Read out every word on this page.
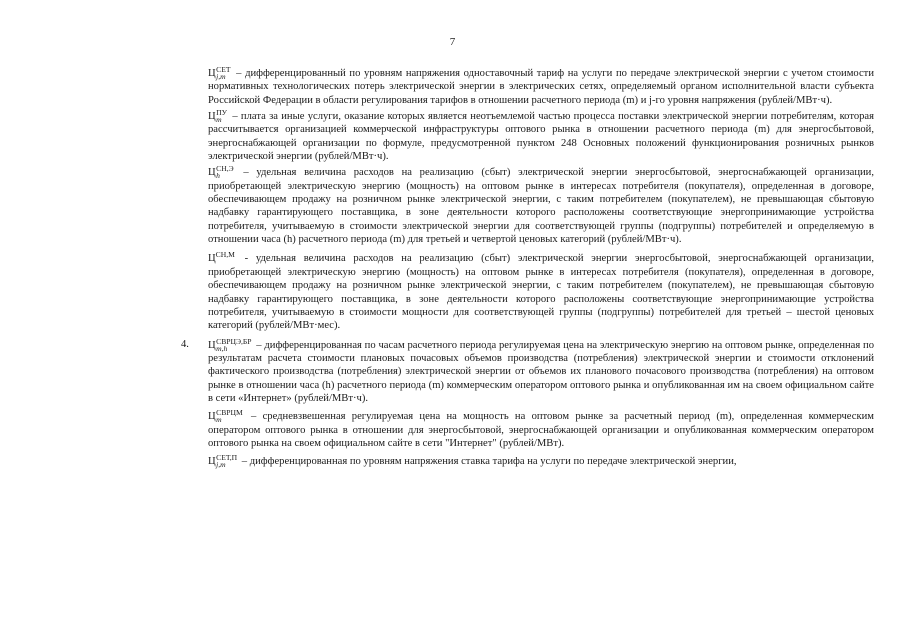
7

Ц СЕТ
j,m – дифференцированный по уровням напряжения одноставочный тариф на услуги по передаче электрической энергии с учетом стоимости нормативных технологических потерь электрической энергии в электрических сетях, определяемый органом исполнительной власти субъекта Российской Федерации в области регулирования тарифов в отношении расчетного периода (m) и j-го уровня напряжения (рублей/МВт·ч).

Ц ПУ
m – плата за иные услуги, оказание которых является неотъемлемой частью процесса поставки электрической энергии потребителям, которая рассчитывается организацией коммерческой инфраструктуры оптового рынка в отношении расчетного периода (m) для энергосбытовой, энергоснабжающей организации по формуле, предусмотренной пунктом 248 Основных положений функционирования розничных рынков электрической энергии (рублей/МВт·ч).

Ц СН,Э
h	– удельная величина расходов на реализацию (сбыт) электрической энергии энергосбытовой, энергоснабжающей организации, приобретающей электрическую энергию (мощность) на оптовом рынке в интересах потребителя (покупателя), определенная в договоре, обеспечивающем продажу на розничном рынке электрической энергии, с таким потребителем (покупателем), не превышающая сбытовую надбавку гарантирующего поставщика, в зоне деятельности которого расположены соответствующие энергопринимающие устройства потребителя, учитываемую в стоимости электрической энергии для соответствующей группы (подгруппы) потребителей и определяемую в отношении часа (h) расчетного периода (m) для третьей и четвертой ценовых категорий (рублей/МВт·ч).

$Ц^{СН,М}$ - удельная величина расходов на реализацию (сбыт) электрической энергии энергосбытовой, энергоснабжающей организации, приобретающей электрическую энергию (мощность) на оптовом рынке в интересах потребителя (покупателя), определенная в договоре, обеспечивающем продажу на розничном рынке электрической энергии, с таким потребителем (покупателем), не превышающая сбытовую надбавку гарантирующего поставщика, в зоне деятельности которого расположены соответствующие энергопринимающие устройства потребителя, учитываемую в стоимости мощности для соответствующей группы (подгруппы) потребителей для третьей – шестой ценовых категорий (рублей/МВт·мес).

4. Ц СВРЦЭ,БР
m,h	– дифференцированная по часам расчетного периода регулируемая цена на электрическую энергию на оптовом рынке, определенная по результатам расчета стоимости плановых почасовых объемов производства (потребления) электрической энергии и стоимости отклонений фактического производства (потребления) электрической энергии от объемов их планового почасового производства (потребления) на оптовом рынке в отношении часа (h) расчетного периода (m) коммерческим оператором оптового рынка и опубликованная им на своем официальном сайте в сети «Интернет» (рублей/МВт·ч).

Ц СВРЦМ
m	– средневзвешенная регулируемая цена на мощность на оптовом рынке за расчетный период (m), определенная коммерческим оператором оптового рынка в отношении для энергосбытовой, энергоснабжающей организации и опубликованная коммерческим оператором оптового рынка на своем официальном сайте в сети "Интернет" (рублей/МВт).

Ц СЕТ,П
j,m	– дифференцированная по уровням напряжения ставка тарифа на услуги по передаче электрической энергии,
